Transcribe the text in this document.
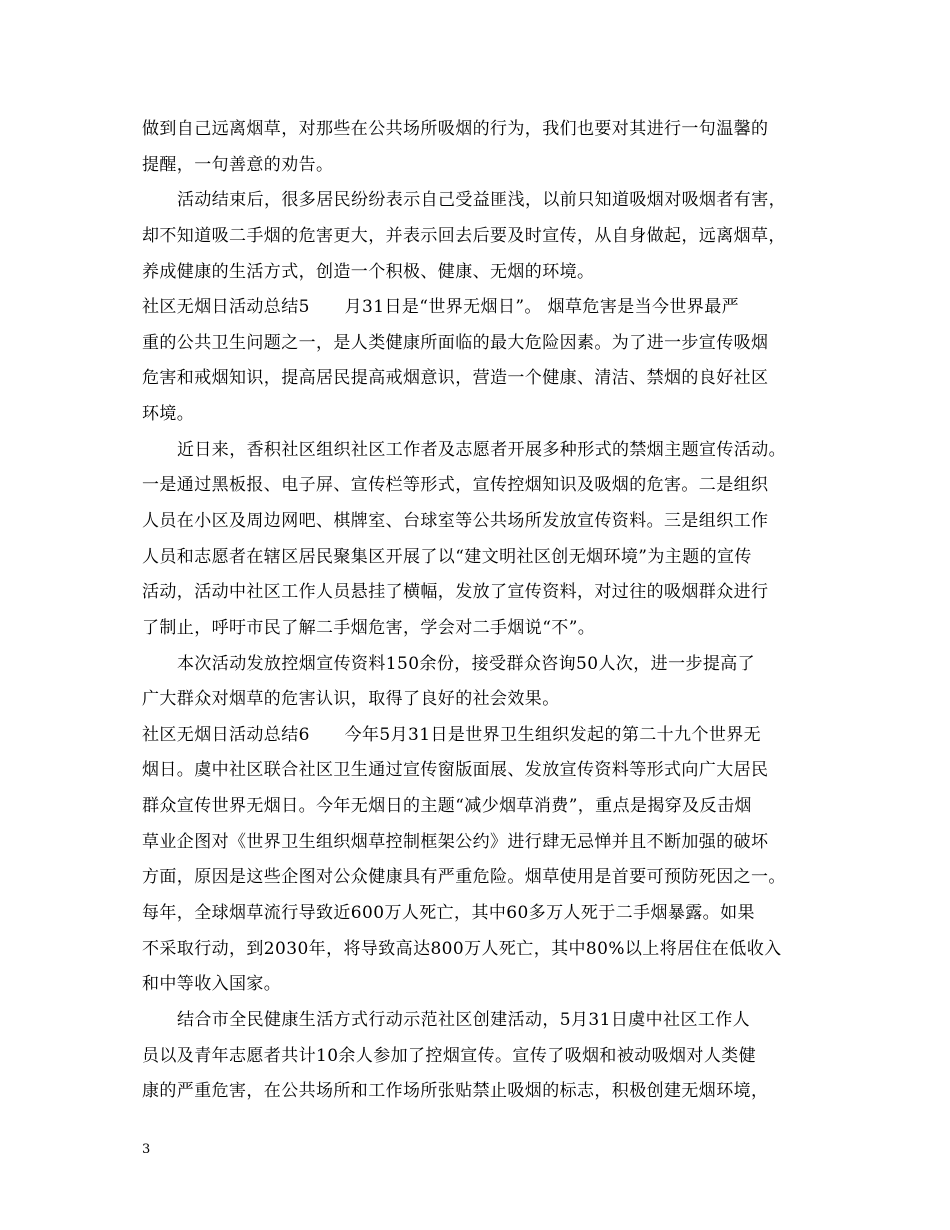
做到自己远离烟草，对那些在公共场所吸烟的行为，我们也要对其进行一句温馨的
提醒，一句善意的劝告。
活动结束后，很多居民纷纷表示自己受益匪浅，以前只知道吸烟对吸烟者有害，
却不知道吸二手烟的危害更大，并表示回去后要及时宣传，从自身做起，远离烟草，
养成健康的生活方式，创造一个积极、健康、无烟的环境。
社区无烟日活动总结5　　月31日是“世界无烟日”。 烟草危害是当今世界最严
重的公共卫生问题之一，是人类健康所面临的最大危险因素。为了进一步宣传吸烟
危害和戒烟知识，提高居民提高戒烟意识，营造一个健康、清洁、禁烟的良好社区
环境。
近日来，香积社区组织社区工作者及志愿者开展多种形式的禁烟主题宣传活动。
一是通过黑板报、电子屏、宣传栏等形式，宣传控烟知识及吸烟的危害。二是组织
人员在小区及周边网吧、棋牌室、台球室等公共场所发放宣传资料。三是组织工作
人员和志愿者在辖区居民聚集区开展了以“建文明社区创无烟环境”为主题的宣传
活动，活动中社区工作人员悬挂了横幅，发放了宣传资料，对过往的吸烟群众进行
了制止，呼吁市民了解二手烟危害，学会对二手烟说“不”。
本次活动发放控烟宣传资料150余份，接受群众咨询50人次，进一步提高了
广大群众对烟草的危害认识，取得了良好的社会效果。
社区无烟日活动总结6　　今年5月31日是世界卫生组织发起的第二十九个世界无
烟日。虞中社区联合社区卫生通过宣传窗版面展、发放宣传资料等形式向广大居民
群众宣传世界无烟日。今年无烟日的主题“减少烟草消费”，重点是揭穿及反击烟
草业企图对《世界卫生组织烟草控制框架公约》进行肆无忌惮并且不断加强的破坏
方面，原因是这些企图对公众健康具有严重危险。烟草使用是首要可预防死因之一。
每年，全球烟草流行导致近600万人死亡，其中60多万人死于二手烟暴露。如果
不采取行动，到2030年，将导致高达800万人死亡，其中80%以上将居住在低收入
和中等收入国家。
结合市全民健康生活方式行动示范社区创建活动，5月31日虞中社区工作人
员以及青年志愿者共计10余人参加了控烟宣传。宣传了吸烟和被动吸烟对人类健
康的严重危害，在公共场所和工作场所张贴禁止吸烟的标志，积极创建无烟环境，
3
